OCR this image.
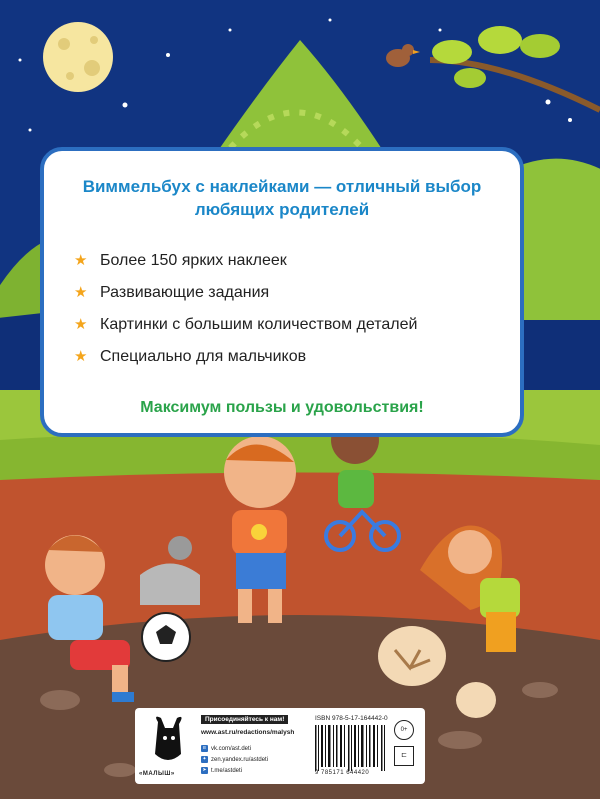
Виммельбух с наклейками — отличный выбор
любящих родителей
★ Более 150 ярких наклеек
★ Развивающие задания
★ Картинки с большим количеством деталей
★ Специально для мальчиков
Максимум пользы и удовольствия!
«МАЛЫШ»
Присоединяйтесь к нам!
www.ast.ru/redactions/malysh
в vk.com/ast.deti
✦ zen.yandex.ru/astdeti
➤ t.me/astdeti
ISBN 978-5-17-164442-0
9 785171 644420
0+
⊏
